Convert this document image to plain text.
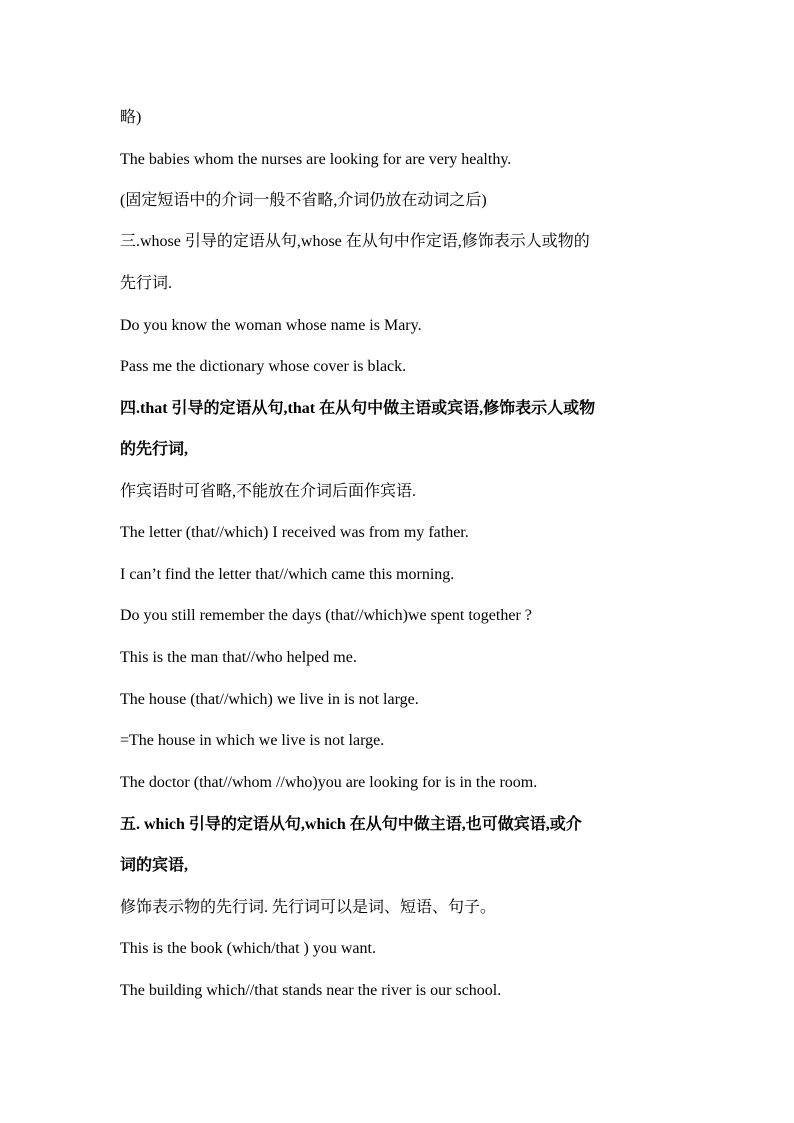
略)
The babies whom the nurses are looking for are very healthy.
(固定短语中的介词一般不省略,介词仍放在动词之后)
三.whose 引导的定语从句,whose 在从句中作定语,修饰表示人或物的
先行词.
Do you know the woman whose name is Mary.
Pass me the dictionary whose cover is black.
四.that 引导的定语从句,that 在从句中做主语或宾语,修饰表示人或物
的先行词,
作宾语时可省略,不能放在介词后面作宾语.
The letter (that//which) I received was from my father.
I can’t find the letter that//which came this morning.
Do you still remember the days (that//which)we spent together ?
This is the man that//who helped me.
The house (that//which) we live in is not large.
=The house in which we live is not large.
The doctor (that//whom //who)you are looking for is in the room.
五. which 引导的定语从句,which 在从句中做主语,也可做宾语,或介
词的宾语,
修饰表示物的先行词. 先行词可以是词、短语、句子。
This is the book (which/that ) you want.
The building which//that stands near the river is our school.
